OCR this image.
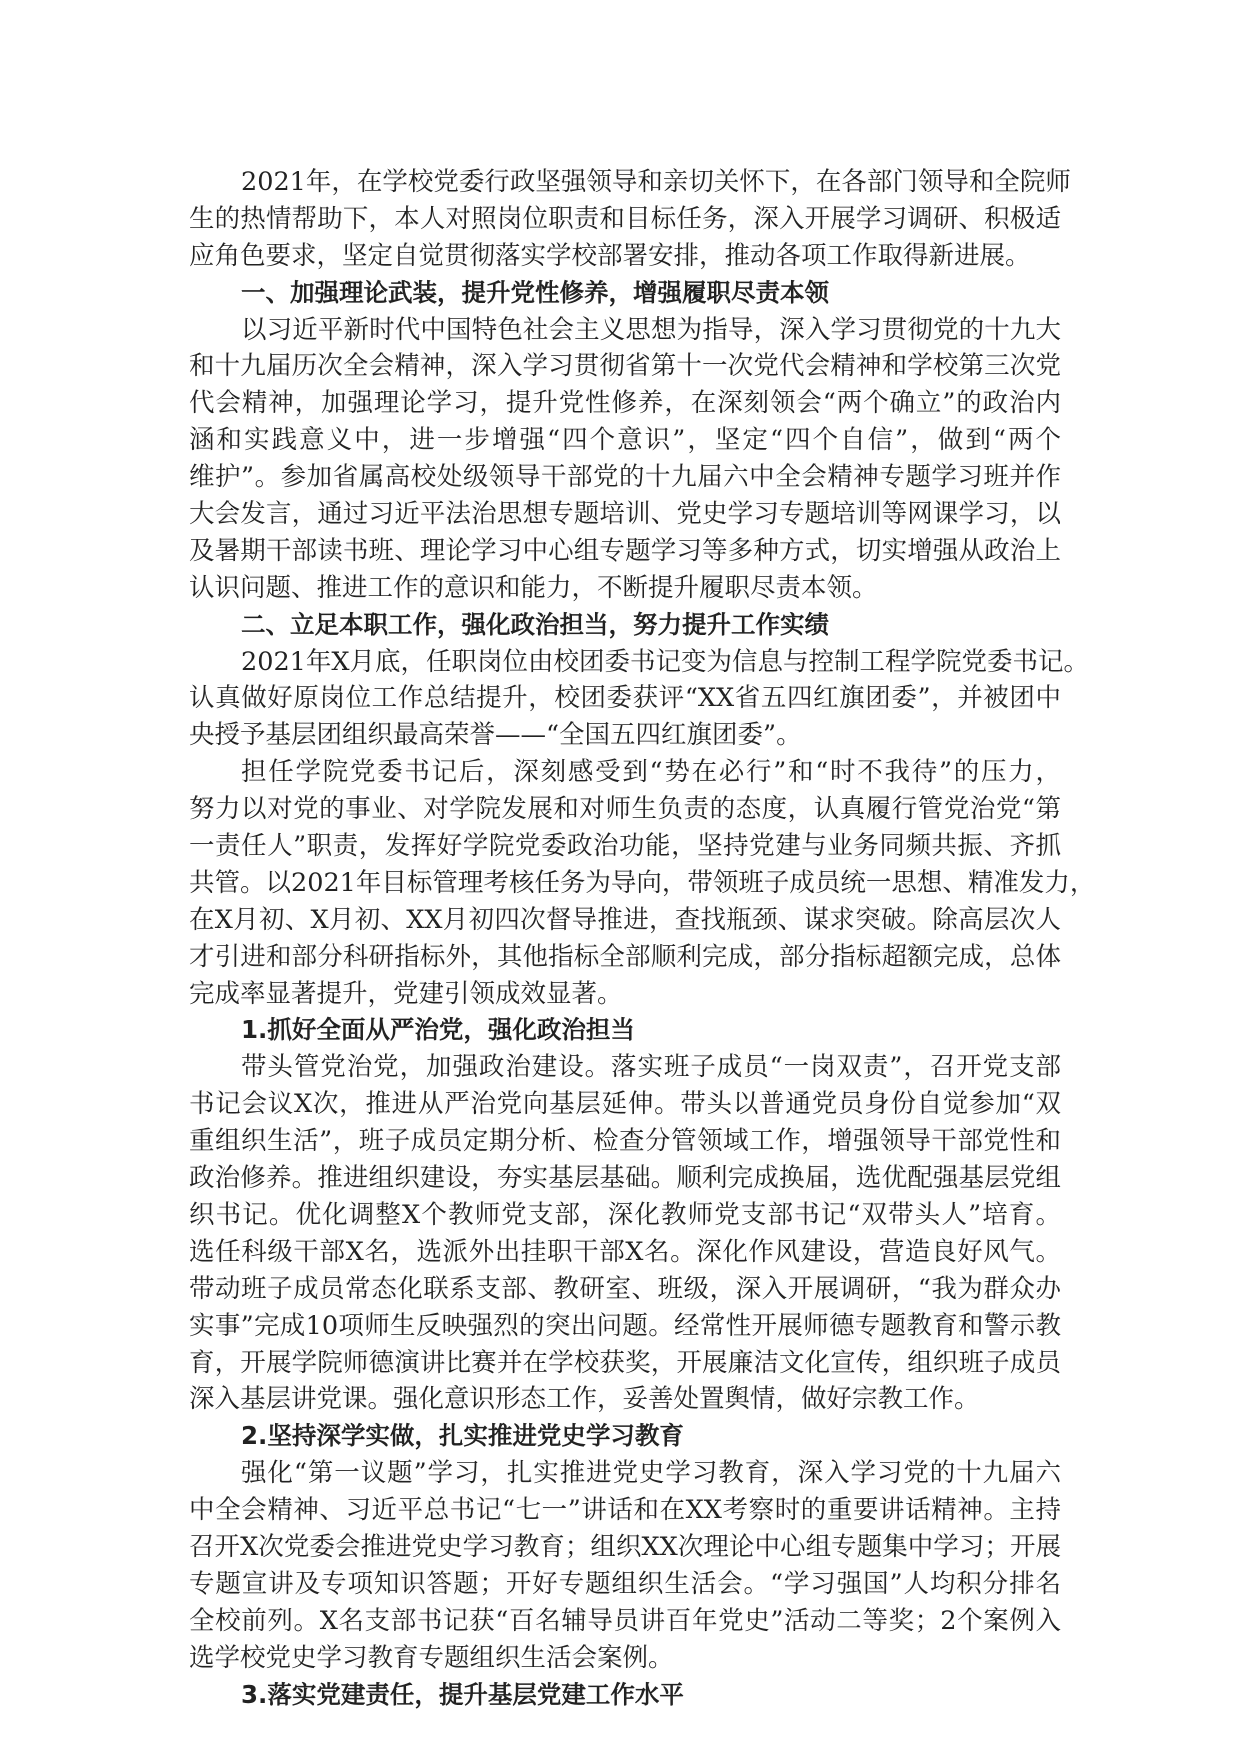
2021年，在学校党委行政坚强领导和亲切关怀下，在各部门领导和全院师
生的热情帮助下，本人对照岗位职责和目标任务，深入开展学习调研、积极适
应角色要求，坚定自觉贯彻落实学校部署安排，推动各项工作取得新进展。
一、加强理论武装，提升党性修养，增强履职尽责本领
以习近平新时代中国特色社会主义思想为指导，深入学习贯彻党的十九大
和十九届历次全会精神，深入学习贯彻省第十一次党代会精神和学校第三次党
代会精神，加强理论学习，提升党性修养，在深刻领会“两个确立”的政治内
涵和实践意义中，进一步增强“四个意识”，坚定“四个自信”，做到“两个
维护”。参加省属高校处级领导干部党的十九届六中全会精神专题学习班并作
大会发言，通过习近平法治思想专题培训、党史学习专题培训等网课学习，以
及暑期干部读书班、理论学习中心组专题学习等多种方式，切实增强从政治上
认识问题、推进工作的意识和能力，不断提升履职尽责本领。
二、立足本职工作，强化政治担当，努力提升工作实绩
2021年X月底，任职岗位由校团委书记变为信息与控制工程学院党委书记。
认真做好原岗位工作总结提升，校团委获评“XX省五四红旗团委”，并被团中
央授予基层团组织最高荣誉——“全国五四红旗团委”。
担任学院党委书记后，深刻感受到“势在必行”和“时不我待”的压力，
努力以对党的事业、对学院发展和对师生负责的态度，认真履行管党治党“第
一责任人”职责，发挥好学院党委政治功能，坚持党建与业务同频共振、齐抓
共管。以2021年目标管理考核任务为导向，带领班子成员统一思想、精准发力，
在X月初、X月初、XX月初四次督导推进，查找瓶颈、谋求突破。除高层次人
才引进和部分科研指标外，其他指标全部顺利完成，部分指标超额完成，总体
完成率显著提升，党建引领成效显著。
1.抓好全面从严治党，强化政治担当
带头管党治党，加强政治建设。落实班子成员“一岗双责”，召开党支部
书记会议X次，推进从严治党向基层延伸。带头以普通党员身份自觉参加“双
重组织生活”，班子成员定期分析、检查分管领域工作，增强领导干部党性和
政治修养。推进组织建设，夯实基层基础。顺利完成换届，选优配强基层党组
织书记。优化调整X个教师党支部，深化教师党支部书记“双带头人”培育。
选任科级干部X名，选派外出挂职干部X名。深化作风建设，营造良好风气。
带动班子成员常态化联系支部、教研室、班级，深入开展调研，“我为群众办
实事”完成10项师生反映强烈的突出问题。经常性开展师德专题教育和警示教
育，开展学院师德演讲比赛并在学校获奖，开展廉洁文化宣传，组织班子成员
深入基层讲党课。强化意识形态工作，妥善处置舆情，做好宗教工作。
2.坚持深学实做，扎实推进党史学习教育
强化“第一议题”学习，扎实推进党史学习教育，深入学习党的十九届六
中全会精神、习近平总书记“七一”讲话和在XX考察时的重要讲话精神。主持
召开X次党委会推进党史学习教育；组织XX次理论中心组专题集中学习；开展
专题宣讲及专项知识答题；开好专题组织生活会。“学习强国”人均积分排名
全校前列。X名支部书记获“百名辅导员讲百年党史”活动二等奖；2个案例入
选学校党史学习教育专题组织生活会案例。
3.落实党建责任，提升基层党建工作水平
